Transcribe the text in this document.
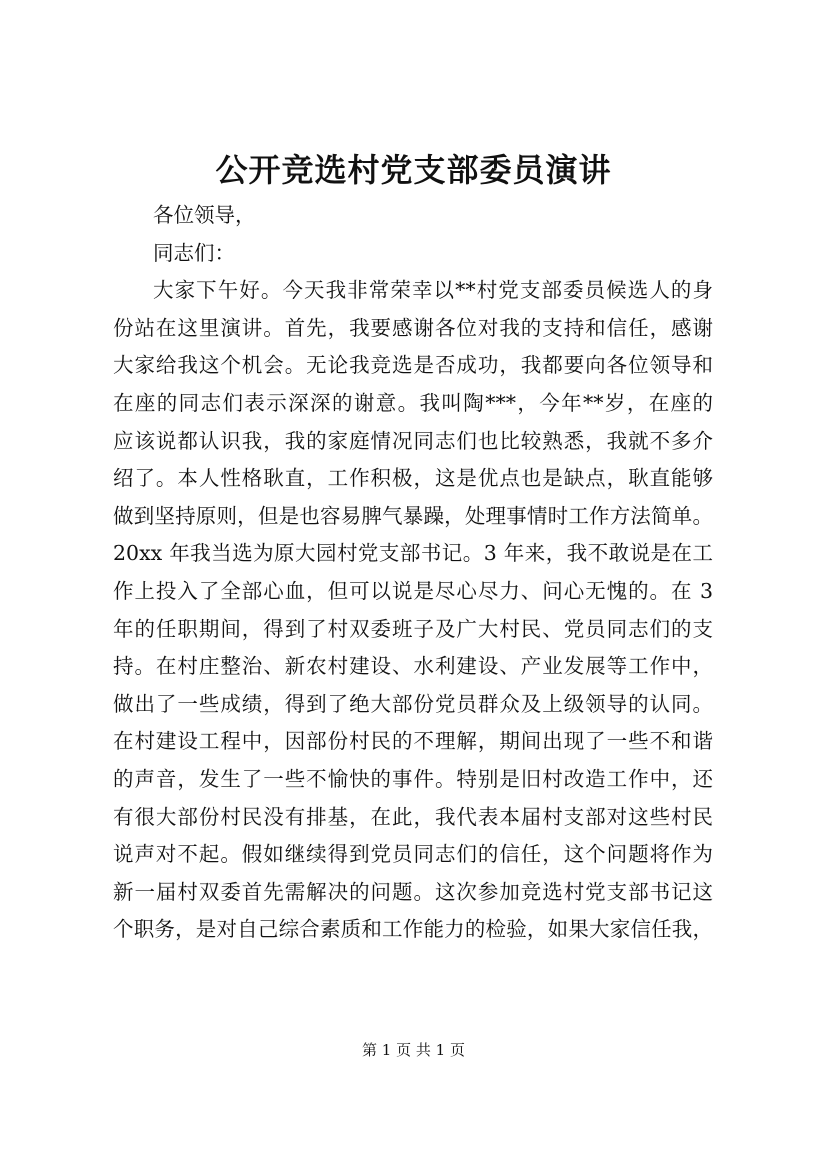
公开竞选村党支部委员演讲
各位领导，
同志们：
大家下午好。今天我非常荣幸以**村党支部委员候选人的身
份站在这里演讲。首先，我要感谢各位对我的支持和信任，感谢
大家给我这个机会。无论我竞选是否成功，我都要向各位领导和
在座的同志们表示深深的谢意。我叫陶***，今年**岁，在座的
应该说都认识我，我的家庭情况同志们也比较熟悉，我就不多介
绍了。本人性格耿直，工作积极，这是优点也是缺点，耿直能够
做到坚持原则，但是也容易脾气暴躁，处理事情时工作方法简单。
20xx 年我当选为原大园村党支部书记。3 年来，我不敢说是在工
作上投入了全部心血，但可以说是尽心尽力、问心无愧的。在 3
年的任职期间，得到了村双委班子及广大村民、党员同志们的支
持。在村庄整治、新农村建设、水利建设、产业发展等工作中，
做出了一些成绩，得到了绝大部份党员群众及上级领导的认同。
在村建设工程中，因部份村民的不理解，期间出现了一些不和谐
的声音，发生了一些不愉快的事件。特别是旧村改造工作中，还
有很大部份村民没有排基，在此，我代表本届村支部对这些村民
说声对不起。假如继续得到党员同志们的信任，这个问题将作为
新一届村双委首先需解决的问题。这次参加竞选村党支部书记这
个职务，是对自己综合素质和工作能力的检验，如果大家信任我，
第 1 页 共 1 页
